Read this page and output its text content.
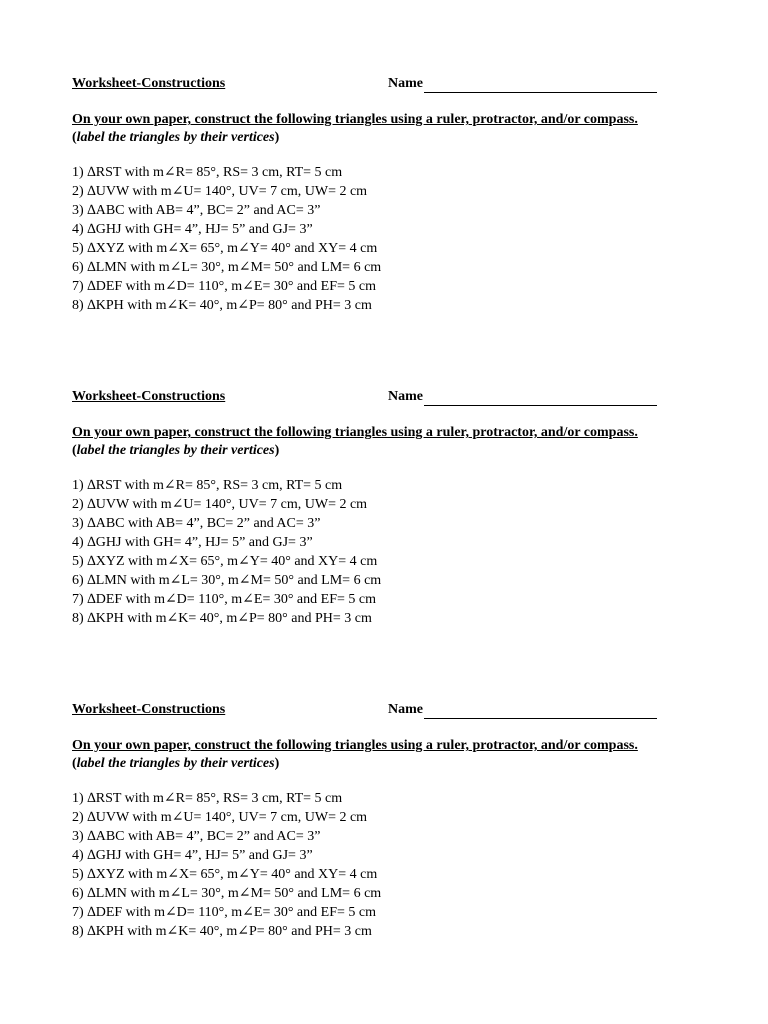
Worksheet-Constructions	Name
On your own paper, construct the following triangles using a ruler, protractor, and/or compass.
(label the triangles by their vertices)
1) ∆RST with m∠R= 85°, RS= 3 cm, RT= 5 cm
2) ∆UVW with m∠U= 140°, UV= 7 cm, UW= 2 cm
3) ∆ABC with AB= 4”, BC= 2” and AC= 3”
4) ∆GHJ with GH= 4”, HJ= 5” and GJ= 3”
5) ∆XYZ with m∠X= 65°, m∠Y= 40° and XY= 4 cm
6) ∆LMN with m∠L= 30°, m∠M= 50° and LM= 6 cm
7) ∆DEF with m∠D= 110°, m∠E= 30° and EF= 5 cm
8) ∆KPH with m∠K= 40°, m∠P= 80° and PH= 3 cm
Worksheet-Constructions	Name
On your own paper, construct the following triangles using a ruler, protractor, and/or compass.
(label the triangles by their vertices)
1) ∆RST with m∠R= 85°, RS= 3 cm, RT= 5 cm
2) ∆UVW with m∠U= 140°, UV= 7 cm, UW= 2 cm
3) ∆ABC with AB= 4”, BC= 2” and AC= 3”
4) ∆GHJ with GH= 4”, HJ= 5” and GJ= 3”
5) ∆XYZ with m∠X= 65°, m∠Y= 40° and XY= 4 cm
6) ∆LMN with m∠L= 30°, m∠M= 50° and LM= 6 cm
7) ∆DEF with m∠D= 110°, m∠E= 30° and EF= 5 cm
8) ∆KPH with m∠K= 40°, m∠P= 80° and PH= 3 cm
Worksheet-Constructions	Name
On your own paper, construct the following triangles using a ruler, protractor, and/or compass.
(label the triangles by their vertices)
1) ∆RST with m∠R= 85°, RS= 3 cm, RT= 5 cm
2) ∆UVW with m∠U= 140°, UV= 7 cm, UW= 2 cm
3) ∆ABC with AB= 4”, BC= 2” and AC= 3”
4) ∆GHJ with GH= 4”, HJ= 5” and GJ= 3”
5) ∆XYZ with m∠X= 65°, m∠Y= 40° and XY= 4 cm
6) ∆LMN with m∠L= 30°, m∠M= 50° and LM= 6 cm
7) ∆DEF with m∠D= 110°, m∠E= 30° and EF= 5 cm
8) ∆KPH with m∠K= 40°, m∠P= 80° and PH= 3 cm
